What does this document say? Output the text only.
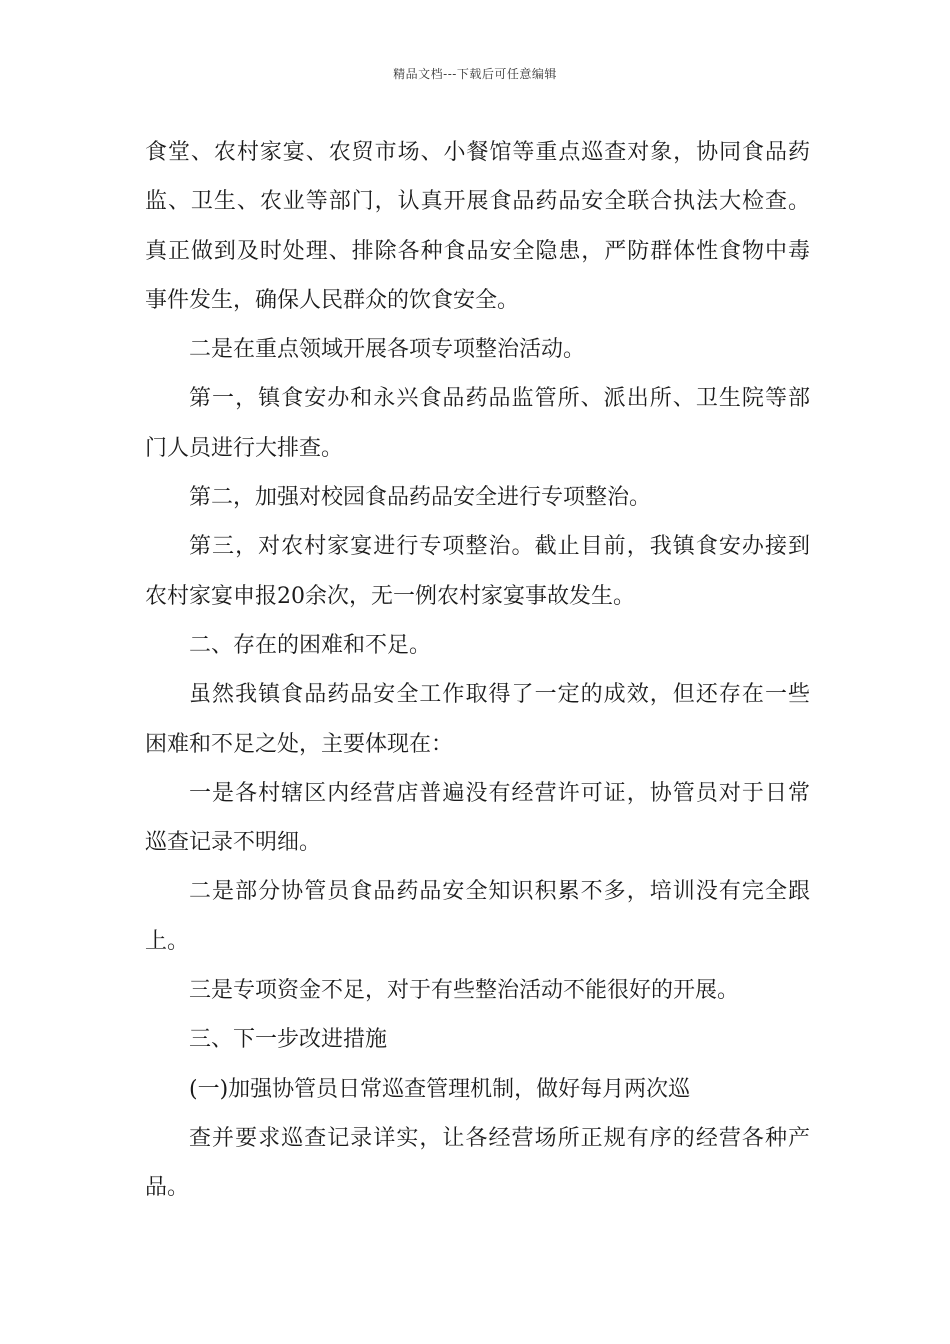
精品文档---下载后可任意编辑
食堂、农村家宴、农贸市场、小餐馆等重点巡查对象，协同食品药
监、卫生、农业等部门，认真开展食品药品安全联合执法大检查。
真正做到及时处理、排除各种食品安全隐患，严防群体性食物中毒
事件发生，确保人民群众的饮食安全。
二是在重点领域开展各项专项整治活动。
第一，镇食安办和永兴食品药品监管所、派出所、卫生院等部
门人员进行大排查。
第二，加强对校园食品药品安全进行专项整治。
第三，对农村家宴进行专项整治。截止目前，我镇食安办接到
农村家宴申报20余次，无一例农村家宴事故发生。
二、存在的困难和不足。
虽然我镇食品药品安全工作取得了一定的成效，但还存在一些
困难和不足之处，主要体现在：
一是各村辖区内经营店普遍没有经营许可证，协管员对于日常
巡查记录不明细。
二是部分协管员食品药品安全知识积累不多，培训没有完全跟
上。
三是专项资金不足，对于有些整治活动不能很好的开展。
三、下一步改进措施
(一)加强协管员日常巡查管理机制，做好每月两次巡
查并要求巡查记录详实，让各经营场所正规有序的经营各种产
品。
